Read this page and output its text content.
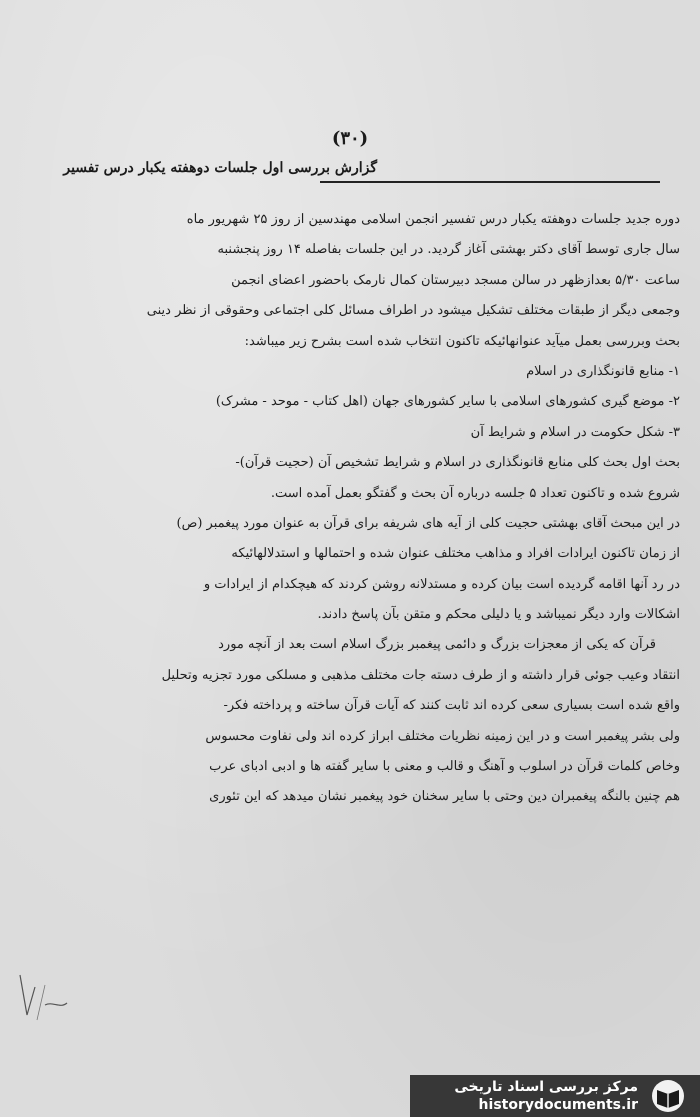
(۳۰)
گزارش بررسی اول جلسات دوهفته یکبار درس تفسیر
دوره جدید جلسات دوهفته یکبار درس تفسیر انجمن اسلامی مهندسین از روز ۲۵ شهریور ماه
سال جاری توسط آقای دکتر بهشتی آغاز گردید. در این جلسات بفاصله ۱۴ روز پنجشنبه
ساعت ۵/۳۰ بعدازظهر در سالن مسجد دبیرستان کمال نارمک باحضور اعضای انجمن
وجمعی دیگر از طبقات مختلف تشکیل میشود در اطراف مسائل کلی اجتماعی وحقوقی از نظر دینی
بحث وبررسی بعمل میآید عنوانهائیکه تاکنون انتخاب شده است بشرح زیر میباشد:
۱- منابع قانونگذاری در اسلام
۲- موضع گیری کشورهای اسلامی با سایر کشورهای جهان (اهل کتاب - موحد - مشرک)
۳- شکل حکومت در اسلام و شرایط آن
بحث اول بحث کلی منابع قانونگذاری در اسلام و شرایط تشخیص آن (حجیت قرآن)-
شروع شده و تاکنون تعداد ۵ جلسه درباره آن بحث و گفتگو بعمل آمده است.
در این مبحث آقای بهشتی حجیت کلی از آیه های شریفه برای قرآن به عنوان مورد پیغمبر (ص)
از زمان تاکنون ایرادات افراد و مذاهب مختلف عنوان شده و احتمالها و استدلالهائیکه
در رد آنها اقامه گردیده است بیان کرده و مستدلانه روشن کردند که هیچکدام از ایرادات و
اشکالات وارد دیگر نمیباشد و یا دلیلی محکم و متقن بآن پاسخ دادند.
قرآن که یکی از معجزات بزرگ و دائمی پیغمبر بزرگ اسلام است بعد از آنچه مورد
انتقاد وعیب جوئی قرار داشته و از طرف دسته جات مختلف مذهبی و مسلکی مورد تجزیه وتحلیل
واقع شده است بسیاری سعی کرده اند ثابت کنند که آیات قرآن ساخته و پرداخته فکر-
ولی بشر پیغمبر است و در این زمینه نظریات مختلف ابراز کرده اند ولی نفاوت محسوس
وخاص کلمات قرآن در اسلوب و آهنگ و قالب و معنی با سایر گفته ها و ادبی ادبای عرب
هم چنین بالنگه پیغمبران دین وحتی با سایر سخنان خود پیغمبر نشان میدهد که این تئوری
مرکز بررسی اسناد تاریخی
historydocuments.ir
